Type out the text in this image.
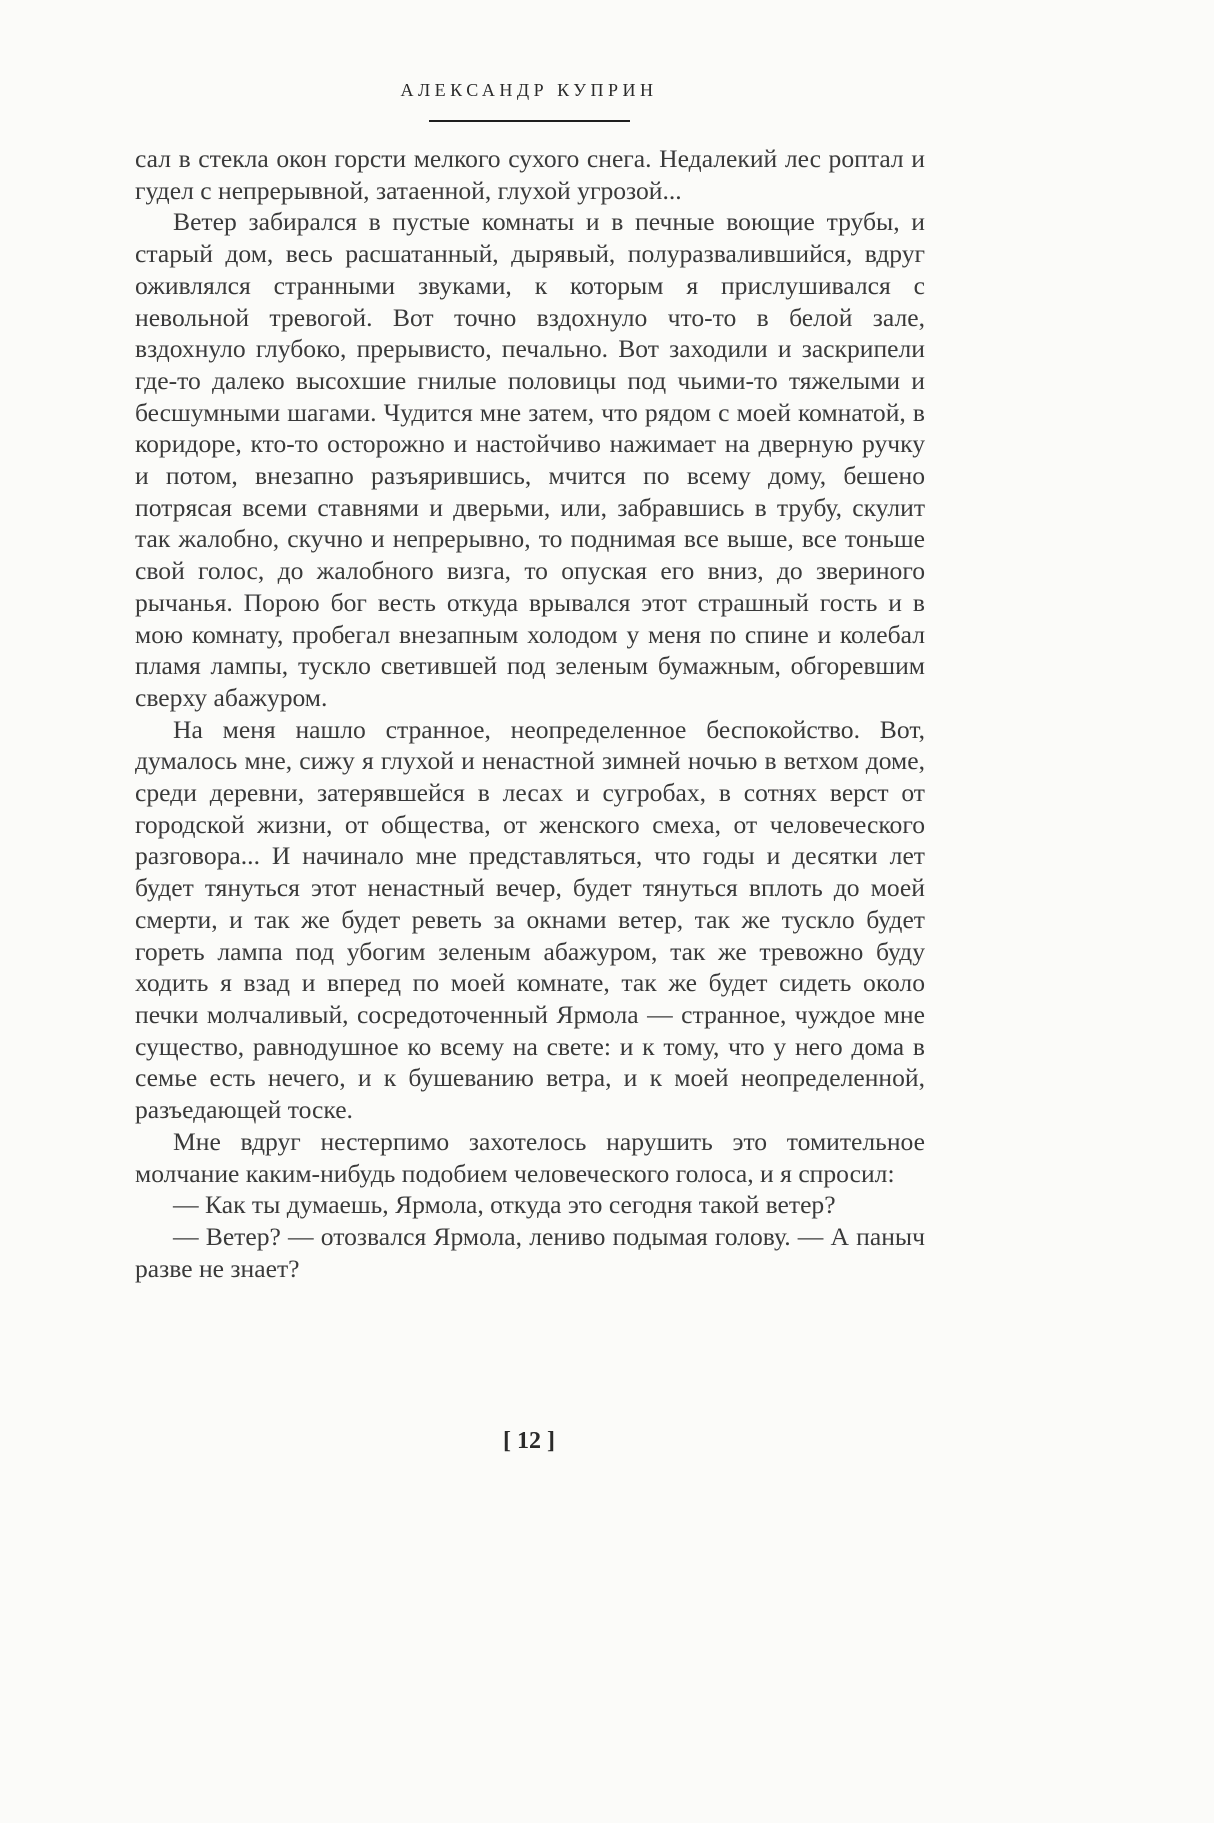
АЛЕКСАНДР КУПРИН

сал в стекла окон горсти мелкого сухого снега. Недалекий лес роптал и гудел с непрерывной, затаенной, глухой угрозой...

Ветер забирался в пустые комнаты и в печные воющие трубы, и старый дом, весь расшатанный, дырявый, полуразвалившийся, вдруг оживлялся странными звуками, к которым я прислушивался с невольной тревогой. Вот точно вздохнуло что-то в белой зале, вздохнуло глубоко, прерывисто, печально. Вот заходили и заскрипели где-то далеко высохшие гнилые половицы под чьими-то тяжелыми и бесшумными шагами. Чудится мне затем, что рядом с моей комнатой, в коридоре, кто-то осторожно и настойчиво нажимает на дверную ручку и потом, внезапно разъярившись, мчится по всему дому, бешено потрясая всеми ставнями и дверьми, или, забравшись в трубу, скулит так жалобно, скучно и непрерывно, то поднимая все выше, все тоньше свой голос, до жалобного визга, то опуская его вниз, до звериного рычанья. Порою бог весть откуда врывался этот страшный гость и в мою комнату, пробегал внезапным холодом у меня по спине и колебал пламя лампы, тускло светившей под зеленым бумажным, обгоревшим сверху абажуром.

На меня нашло странное, неопределенное беспокойство. Вот, думалось мне, сижу я глухой и ненастной зимней ночью в ветхом доме, среди деревни, затерявшейся в лесах и сугробах, в сотнях верст от городской жизни, от общества, от женского смеха, от человеческого разговора... И начинало мне представляться, что годы и десятки лет будет тянуться этот ненастный вечер, будет тянуться вплоть до моей смерти, и так же будет реветь за окнами ветер, так же тускло будет гореть лампа под убогим зеленым абажуром, так же тревожно буду ходить я взад и вперед по моей комнате, так же будет сидеть около печки молчаливый, сосредоточенный Ярмола — странное, чуждое мне существо, равнодушное ко всему на свете: и к тому, что у него дома в семье есть нечего, и к бушеванию ветра, и к моей неопределенной, разъедающей тоске.

Мне вдруг нестерпимо захотелось нарушить это томительное молчание каким-нибудь подобием человеческого голоса, и я спросил:

— Как ты думаешь, Ярмола, откуда это сегодня такой ветер?

— Ветер? — отозвался Ярмола, лениво подымая голову. — А паныч разве не знает?

[ 12 ]
